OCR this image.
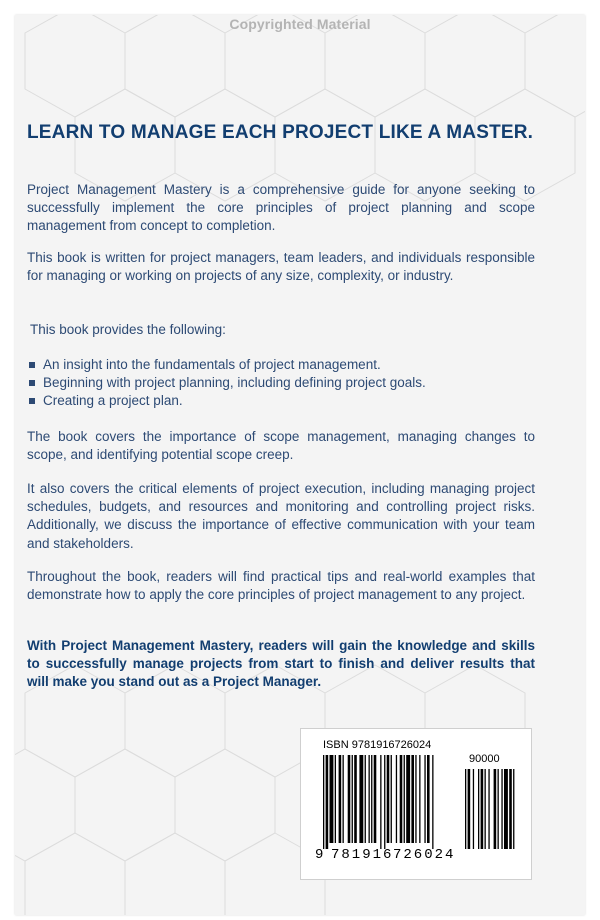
Copyrighted Material
LEARN TO MANAGE EACH PROJECT LIKE A MASTER.
Project Management Mastery is a comprehensive guide for anyone seeking to successfully implement the core principles of project planning and scope management from concept to completion.
This book is written for project managers, team leaders, and individuals responsible for managing or working on projects of any size, complexity, or industry.
This book provides the following:
An insight into the fundamentals of project management.
Beginning with project planning, including defining project goals.
Creating a project plan.
The book covers the importance of scope management, managing changes to scope, and identifying potential scope creep.
It also covers the critical elements of project execution, including managing project schedules, budgets, and resources and monitoring and controlling project risks. Additionally, we discuss the importance of effective communication with your team and stakeholders.
Throughout the book, readers will find practical tips and real-world examples that demonstrate how to apply the core principles of project management to any project.
With Project Management Mastery, readers will gain the knowledge and skills to successfully manage projects from start to finish and deliver results that will make you stand out as a Project Manager.
ISBN 9781916726024
90000
9 781916 726024
